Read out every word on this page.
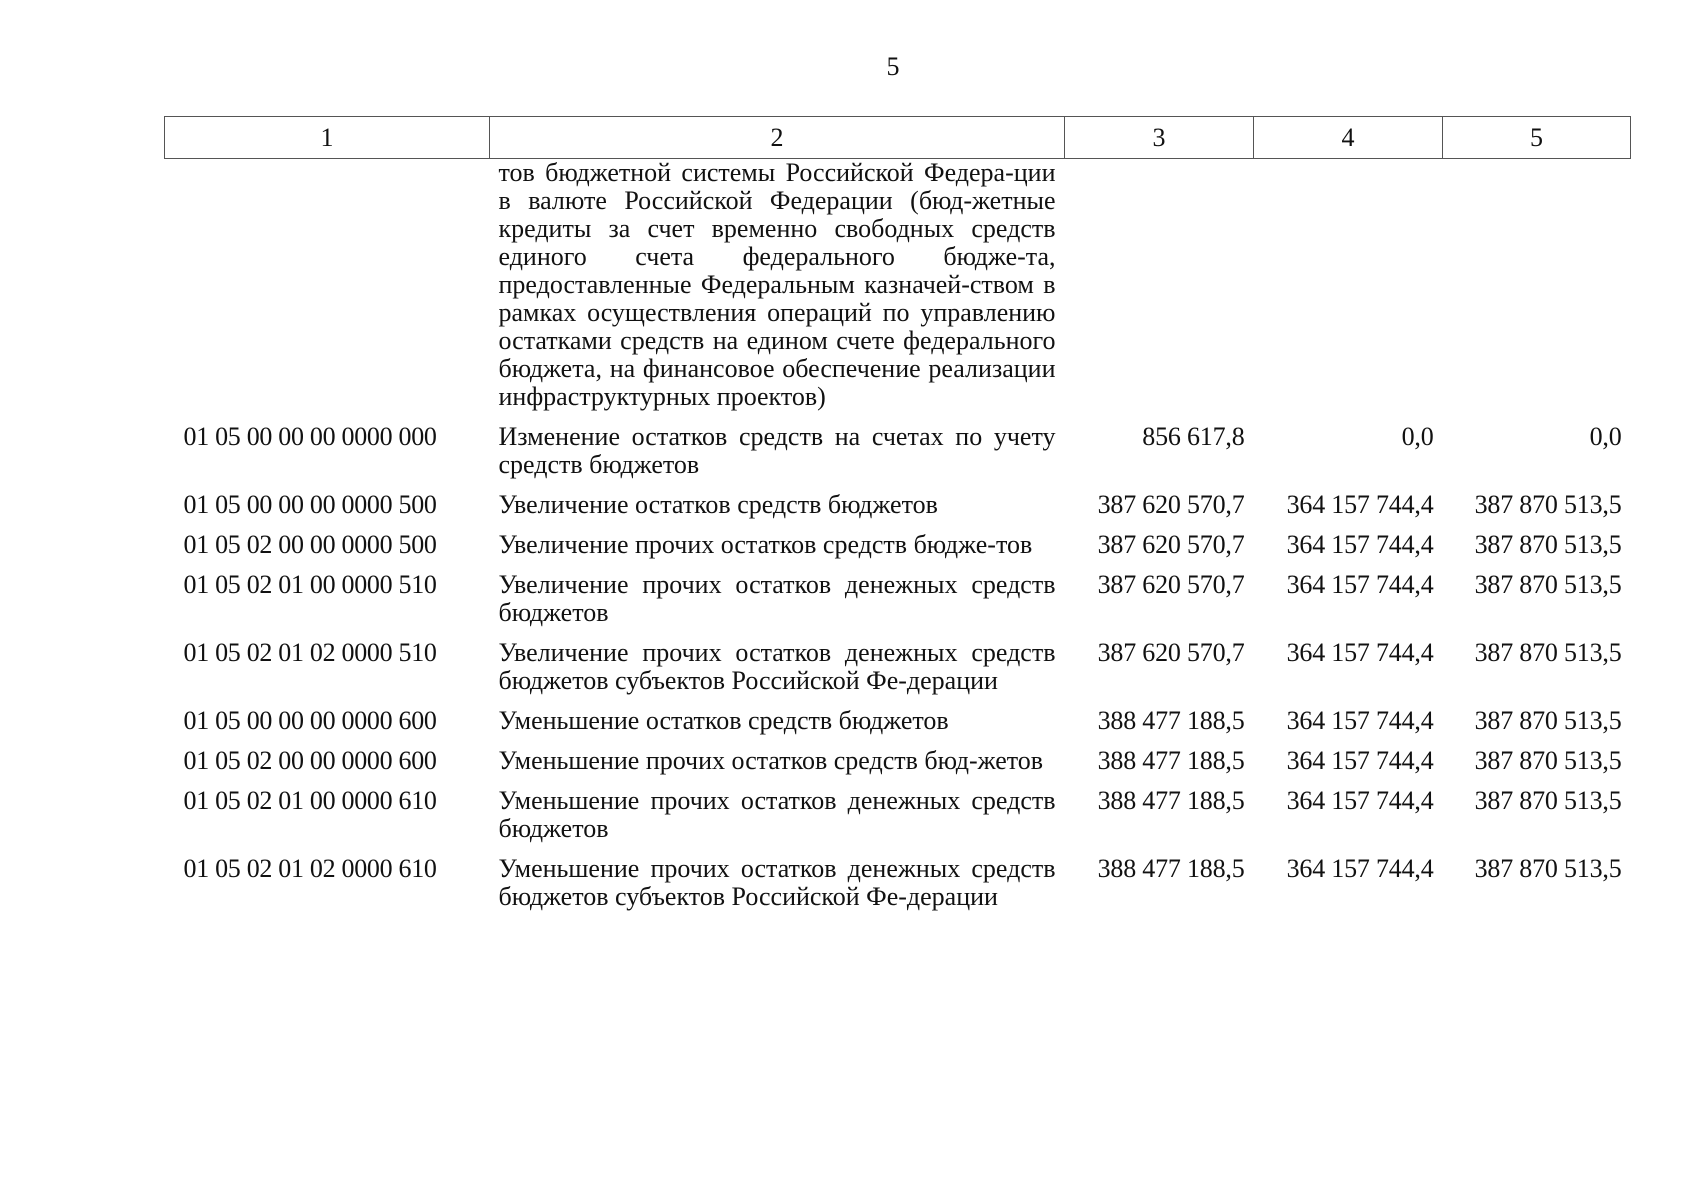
5
1	2	3	4	5
	тов бюджетной системы Российской Федера-ции в валюте Российской Федерации (бюд-жетные кредиты за счет временно свободных средств единого счета федерального бюдже-та, предоставленные Федеральным казначей-ством в рамках осуществления операций по управлению остатками средств на едином счете федерального бюджета, на финансовое обеспечение реализации инфраструктурных проектов)			
01 05 00 00 00 0000 000	Изменение остатков средств на счетах по учету средств бюджетов	856 617,8	0,0	0,0
01 05 00 00 00 0000 500	Увеличение остатков средств бюджетов	387 620 570,7	364 157 744,4	387 870 513,5
01 05 02 00 00 0000 500	Увеличение прочих остатков средств бюдже-тов	387 620 570,7	364 157 744,4	387 870 513,5
01 05 02 01 00 0000 510	Увеличение прочих остатков денежных средств бюджетов	387 620 570,7	364 157 744,4	387 870 513,5
01 05 02 01 02 0000 510	Увеличение прочих остатков денежных средств бюджетов субъектов Российской Фе-дерации	387 620 570,7	364 157 744,4	387 870 513,5
01 05 00 00 00 0000 600	Уменьшение остатков средств бюджетов	388 477 188,5	364 157 744,4	387 870 513,5
01 05 02 00 00 0000 600	Уменьшение прочих остатков средств бюд-жетов	388 477 188,5	364 157 744,4	387 870 513,5
01 05 02 01 00 0000 610	Уменьшение прочих остатков денежных средств бюджетов	388 477 188,5	364 157 744,4	387 870 513,5
01 05 02 01 02 0000 610	Уменьшение прочих остатков денежных средств бюджетов субъектов Российской Фе-дерации	388 477 188,5	364 157 744,4	387 870 513,5
